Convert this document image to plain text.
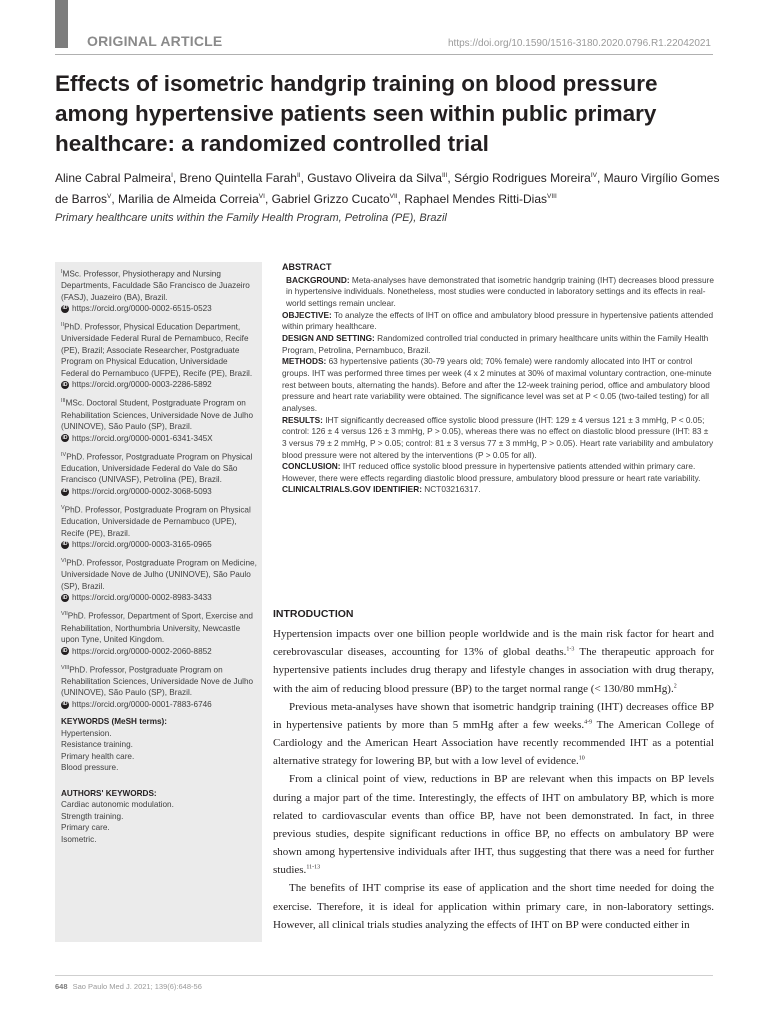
ORIGINAL ARTICLE	https://doi.org/10.1590/1516-3180.2020.0796.R1.22042021
Effects of isometric handgrip training on blood pressure among hypertensive patients seen within public primary healthcare: a randomized controlled trial
Aline Cabral Palmeira$^I$, Breno Quintella Farah$^{II}$, Gustavo Oliveira da Silva$^{III}$, Sérgio Rodrigues Moreira$^{IV}$, Mauro Virgílio Gomes de Barros$^V$, Marilia de Almeida Correia$^{VI}$, Gabriel Grizzo Cucato$^{VII}$, Raphael Mendes Ritti-Dias$^{VIII}$
Primary healthcare units within the Family Health Program, Petrolina (PE), Brazil
$^I$MSc. Professor, Physiotherapy and Nursing Departments, Faculdade São Francisco de Juazeiro (FASJ), Juazeiro (BA), Brazil.
iD https://orcid.org/0000-0002-6515-0523
$^{II}$PhD. Professor, Physical Education Department, Universidade Federal Rural de Pernambuco, Recife (PE), Brazil; Associate Researcher, Postgraduate Program on Physical Education, Universidade Federal do Pernambuco (UFPE), Recife (PE), Brazil.
iD https://orcid.org/0000-0003-2286-5892
$^{III}$MSc. Doctoral Student, Postgraduate Program on Rehabilitation Sciences, Universidade Nove de Julho (UNINOVE), São Paulo (SP), Brazil.
iD https://orcid.org/0000-0001-6341-345X
$^{IV}$PhD. Professor, Postgraduate Program on Physical Education, Universidade Federal do Vale do São Francisco (UNIVASF), Petrolina (PE), Brazil.
iD https://orcid.org/0000-0002-3068-5093
$^V$PhD. Professor, Postgraduate Program on Physical Education, Universidade de Pernambuco (UPE), Recife (PE), Brazil.
iD https://orcid.org/0000-0003-3165-0965
$^{VI}$PhD. Professor, Postgraduate Program on Medicine, Universidade Nove de Julho (UNINOVE), São Paulo (SP), Brazil.
iD https://orcid.org/0000-0002-8983-3433
$^{VII}$PhD. Professor, Department of Sport, Exercise and Rehabilitation, Northumbria University, Newcastle upon Tyne, United Kingdom.
iD https://orcid.org/0000-0002-2060-8852
$^{VIII}$PhD. Professor, Postgraduate Program on Rehabilitation Sciences, Universidade Nove de Julho (UNINOVE), São Paulo (SP), Brazil.
iD https://orcid.org/0000-0001-7883-6746
KEYWORDS (MeSH terms):
Hypertension.
Resistance training.
Primary health care.
Blood pressure.
AUTHORS' KEYWORDS:
Cardiac autonomic modulation.
Strength training.
Primary care.
Isometric.
ABSTRACT

BACKGROUND: Meta-analyses have demonstrated that isometric handgrip training (IHT) decreases blood pressure in hypertensive individuals. Nonetheless, most studies were conducted in laboratory settings and its effects in real-world settings remain unclear.

OBJECTIVE: To analyze the effects of IHT on office and ambulatory blood pressure in hypertensive patients attended within primary healthcare.

DESIGN AND SETTING: Randomized controlled trial conducted in primary healthcare units within the Family Health Program, Petrolina, Pernambuco, Brazil.

METHODS: 63 hypertensive patients (30-79 years old; 70% female) were randomly allocated into IHT or control groups. IHT was performed three times per week (4 x 2 minutes at 30% of maximal voluntary contraction, one-minute rest between bouts, alternating the hands). Before and after the 12-week training period, office and ambulatory blood pressure and heart rate variability were obtained. The significance level was set at P < 0.05 (two-tailed testing) for all analyses.

RESULTS: IHT significantly decreased office systolic blood pressure (IHT: 129 ± 4 versus 121 ± 3 mmHg, P < 0.05; control: 126 ± 4 versus 126 ± 3 mmHg, P > 0.05), whereas there was no effect on diastolic blood pressure (IHT: 83 ± 3 versus 79 ± 2 mmHg, P > 0.05; control: 81 ± 3 versus 77 ± 3 mmHg, P > 0.05). Heart rate variability and ambulatory blood pressure were not altered by the interventions (P > 0.05 for all).

CONCLUSION: IHT reduced office systolic blood pressure in hypertensive patients attended within primary care. However, there were effects regarding diastolic blood pressure, ambulatory blood pressure or heart rate variability.

CLINICALTRIALS.GOV IDENTIFIER: NCT03216317.

INTRODUCTION

Hypertension impacts over one billion people worldwide and is the main risk factor for heart and cerebrovascular diseases, accounting for 13% of global deaths.$^{1-3}$ The therapeutic approach for hypertensive patients includes drug therapy and lifestyle changes in association with drug therapy, with the aim of reducing blood pressure (BP) to the target normal range (< 130/80 mmHg).$^2$

Previous meta-analyses have shown that isometric handgrip training (IHT) decreases office BP in hypertensive patients by more than 5 mmHg after a few weeks.$^{4-9}$ The American College of Cardiology and the American Heart Association have recently recommended IHT as a potential alternative strategy for lowering BP, but with a low level of evidence.$^{10}$

From a clinical point of view, reductions in BP are relevant when this impacts on BP levels during a major part of the time. Interestingly, the effects of IHT on ambulatory BP, which is more related to cardiovascular events than office BP, have not been demonstrated. In fact, in three previous studies, despite significant reductions in office BP, no effects on ambulatory BP were shown among hypertensive individuals after IHT, thus suggesting that there was a need for further studies.$^{11-13}$

The benefits of IHT comprise its ease of application and the short time needed for doing the exercise. Therefore, it is ideal for application within primary care, in non-laboratory settings. However, all clinical trials studies analyzing the effects of IHT on BP were conducted either in

648 Sao Paulo Med J. 2021; 139(6):648-56
